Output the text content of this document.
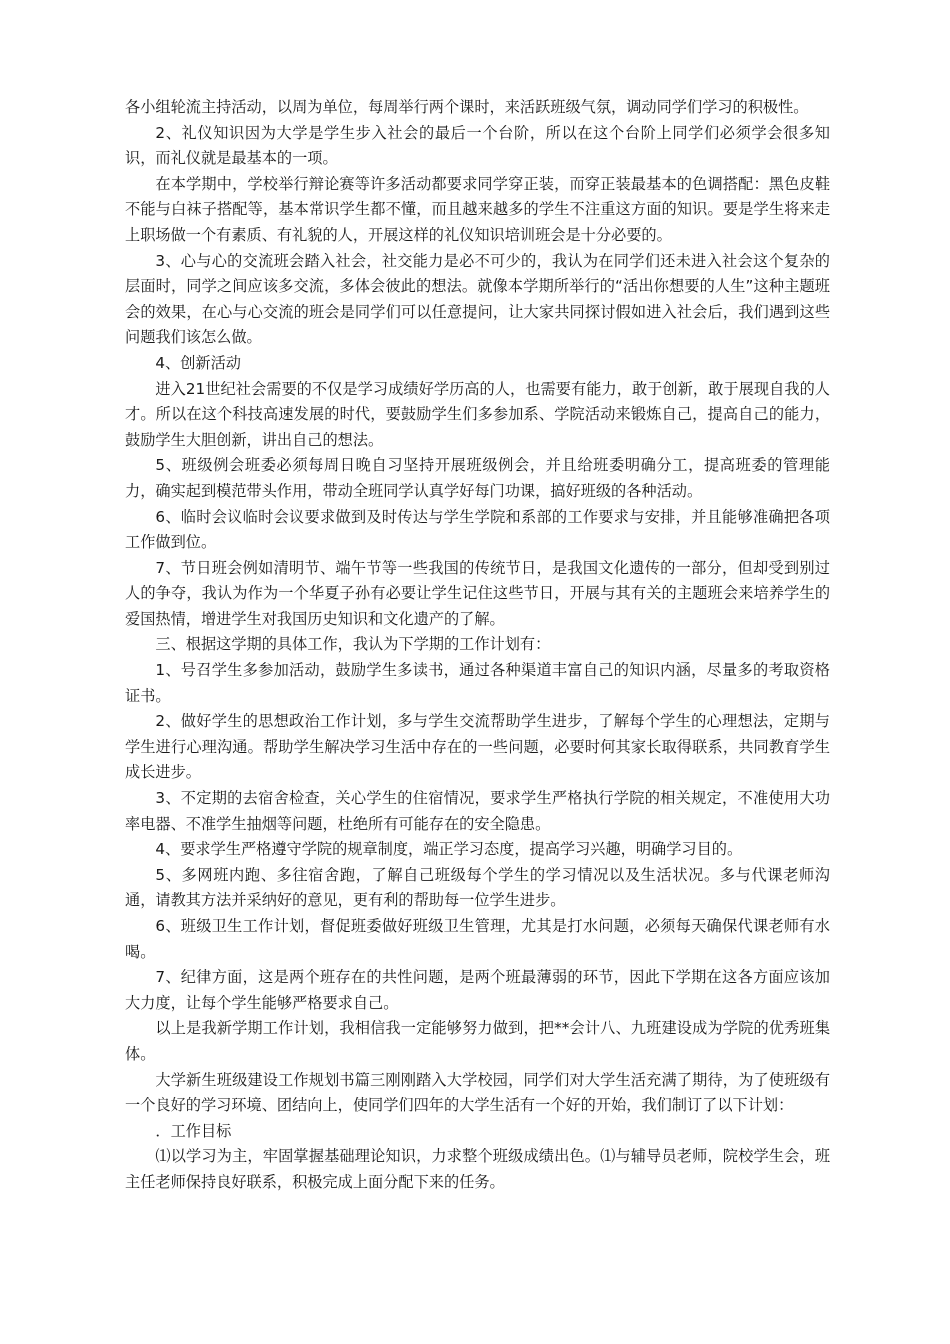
各小组轮流主持活动，以周为单位，每周举行两个课时，来活跃班级气氛，调动同学们学习的积极性。

2、礼仪知识因为大学是学生步入社会的最后一个台阶，所以在这个台阶上同学们必须学会很多知识，而礼仪就是最基本的一项。

在本学期中，学校举行辩论赛等许多活动都要求同学穿正装，而穿正装最基本的色调搭配：黑色皮鞋不能与白袜子搭配等，基本常识学生都不懂，而且越来越多的学生不注重这方面的知识。要是学生将来走上职场做一个有素质、有礼貌的人，开展这样的礼仪知识培训班会是十分必要的。

3、心与心的交流班会踏入社会，社交能力是必不可少的，我认为在同学们还未进入社会这个复杂的层面时，同学之间应该多交流，多体会彼此的想法。就像本学期所举行的“活出你想要的人生”这种主题班会的效果，在心与心交流的班会是同学们可以任意提问，让大家共同探讨假如进入社会后，我们遇到这些问题我们该怎么做。

4、创新活动

进入21世纪社会需要的不仅是学习成绩好学历高的人，也需要有能力，敢于创新，敢于展现自我的人才。所以在这个科技高速发展的时代，要鼓励学生们多参加系、学院活动来锻炼自己，提高自己的能力，鼓励学生大胆创新，讲出自己的想法。

5、班级例会班委必须每周日晚自习坚持开展班级例会，并且给班委明确分工，提高班委的管理能力，确实起到模范带头作用，带动全班同学认真学好每门功课，搞好班级的各种活动。

6、临时会议临时会议要求做到及时传达与学生学院和系部的工作要求与安排，并且能够准确把各项工作做到位。

7、节日班会例如清明节、端午节等一些我国的传统节日，是我国文化遗传的一部分，但却受到别过人的争夺，我认为作为一个华夏子孙有必要让学生记住这些节日，开展与其有关的主题班会来培养学生的爱国热情，增进学生对我国历史知识和文化遗产的了解。

三、根据这学期的具体工作，我认为下学期的工作计划有：

1、号召学生多参加活动，鼓励学生多读书，通过各种渠道丰富自己的知识内涵，尽量多的考取资格证书。

2、做好学生的思想政治工作计划，多与学生交流帮助学生进步，了解每个学生的心理想法，定期与学生进行心理沟通。帮助学生解决学习生活中存在的一些问题，必要时何其家长取得联系，共同教育学生成长进步。

3、不定期的去宿舍检查，关心学生的住宿情况，要求学生严格执行学院的相关规定，不准使用大功率电器、不准学生抽烟等问题，杜绝所有可能存在的安全隐患。

4、要求学生严格遵守学院的规章制度，端正学习态度，提高学习兴趣，明确学习目的。

5、多网班内跑、多往宿舍跑，了解自己班级每个学生的学习情况以及生活状况。多与代课老师沟通，请教其方法并采纳好的意见，更有利的帮助每一位学生进步。

6、班级卫生工作计划，督促班委做好班级卫生管理，尤其是打水问题，必须每天确保代课老师有水喝。

7、纪律方面，这是两个班存在的共性问题，是两个班最薄弱的环节，因此下学期在这各方面应该加大力度，让每个学生能够严格要求自己。

以上是我新学期工作计划，我相信我一定能够努力做到，把**会计八、九班建设成为学院的优秀班集体。

大学新生班级建设工作规划书篇三刚刚踏入大学校园，同学们对大学生活充满了期待，为了使班级有一个良好的学习环境、团结向上，使同学们四年的大学生活有一个好的开始，我们制订了以下计划：

．工作目标

⑴以学习为主，牢固掌握基础理论知识，力求整个班级成绩出色。⑴与辅导员老师，院校学生会，班主任老师保持良好联系，积极完成上面分配下来的任务。
